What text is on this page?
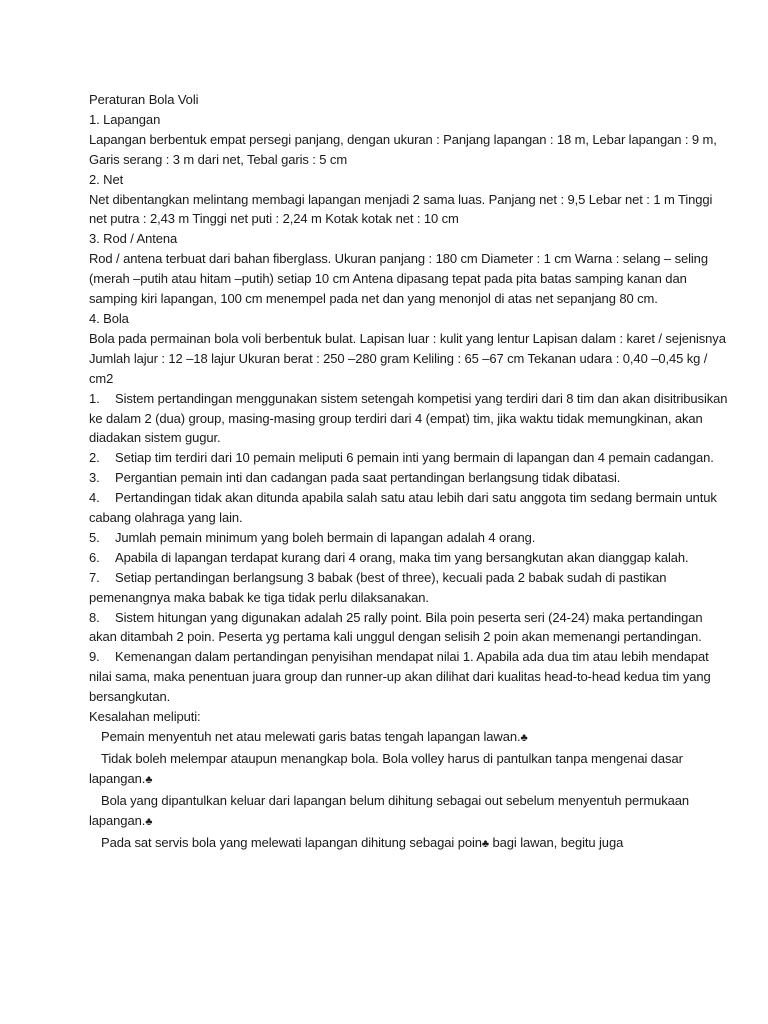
Peraturan Bola Voli

1. Lapangan

Lapangan berbentuk empat persegi panjang, dengan ukuran : Panjang lapangan : 18 m, Lebar lapangan : 9 m, Garis serang : 3 m dari net, Tebal garis : 5 cm

2. Net

Net dibentangkan melintang membagi lapangan menjadi 2 sama luas. Panjang net : 9,5 Lebar net : 1 m Tinggi net putra : 2,43 m Tinggi net puti : 2,24 m Kotak kotak net : 10 cm

3. Rod / Antena

Rod / antena terbuat dari bahan fiberglass. Ukuran panjang : 180 cm Diameter : 1 cm Warna : selang – seling (merah –putih atau hitam –putih) setiap 10 cm Antena dipasang tepat pada pita batas samping kanan dan samping kiri lapangan, 100 cm menempel pada net dan yang menonjol di atas net sepanjang 80 cm.

4. Bola

Bola pada permainan bola voli berbentuk bulat. Lapisan luar : kulit yang lentur Lapisan dalam : karet / sejenisnya Jumlah lajur : 12 –18 lajur Ukuran berat : 250 –280 gram Keliling : 65 –67 cm Tekanan udara : 0,40 –0,45 kg / cm2

1. Sistem pertandingan menggunakan sistem setengah kompetisi yang terdiri dari 8 tim dan akan disitribusikan ke dalam 2 (dua) group, masing-masing group terdiri dari 4 (empat) tim, jika waktu tidak memungkinan, akan diadakan sistem gugur.

2. Setiap tim terdiri dari 10 pemain meliputi 6 pemain inti yang bermain di lapangan dan 4 pemain cadangan.

3. Pergantian pemain inti dan cadangan pada saat pertandingan berlangsung tidak dibatasi.

4. Pertandingan tidak akan ditunda apabila salah satu atau lebih dari satu anggota tim sedang bermain untuk cabang olahraga yang lain.

5. Jumlah pemain minimum yang boleh bermain di lapangan adalah 4 orang.

6. Apabila di lapangan terdapat kurang dari 4 orang, maka tim yang bersangkutan akan dianggap kalah.

7. Setiap pertandingan berlangsung 3 babak (best of three), kecuali pada 2 babak sudah di pastikan pemenangnya maka babak ke tiga tidak perlu dilaksanakan.

8. Sistem hitungan yang digunakan adalah 25 rally point. Bila poin peserta seri (24-24) maka pertandingan akan ditambah 2 poin. Peserta yg pertama kali unggul dengan selisih 2 poin akan memenangi pertandingan.

9. Kemenangan dalam pertandingan penyisihan mendapat nilai 1. Apabila ada dua tim atau lebih mendapat nilai sama, maka penentuan juara group dan runner-up akan dilihat dari kualitas head-to-head kedua tim yang bersangkutan.

Kesalahan meliputi:

Pemain menyentuh net atau melewati garis batas tengah lapangan lawan.♣

Tidak boleh melempar ataupun menangkap bola. Bola volley harus di pantulkan tanpa mengenai dasar lapangan.♣

Bola yang dipantulkan keluar dari lapangan belum dihitung sebagai out sebelum menyentuh permukaan lapangan.♣

Pada sat servis bola yang melewati lapangan dihitung sebagai poin♣ bagi lawan, begitu juga
